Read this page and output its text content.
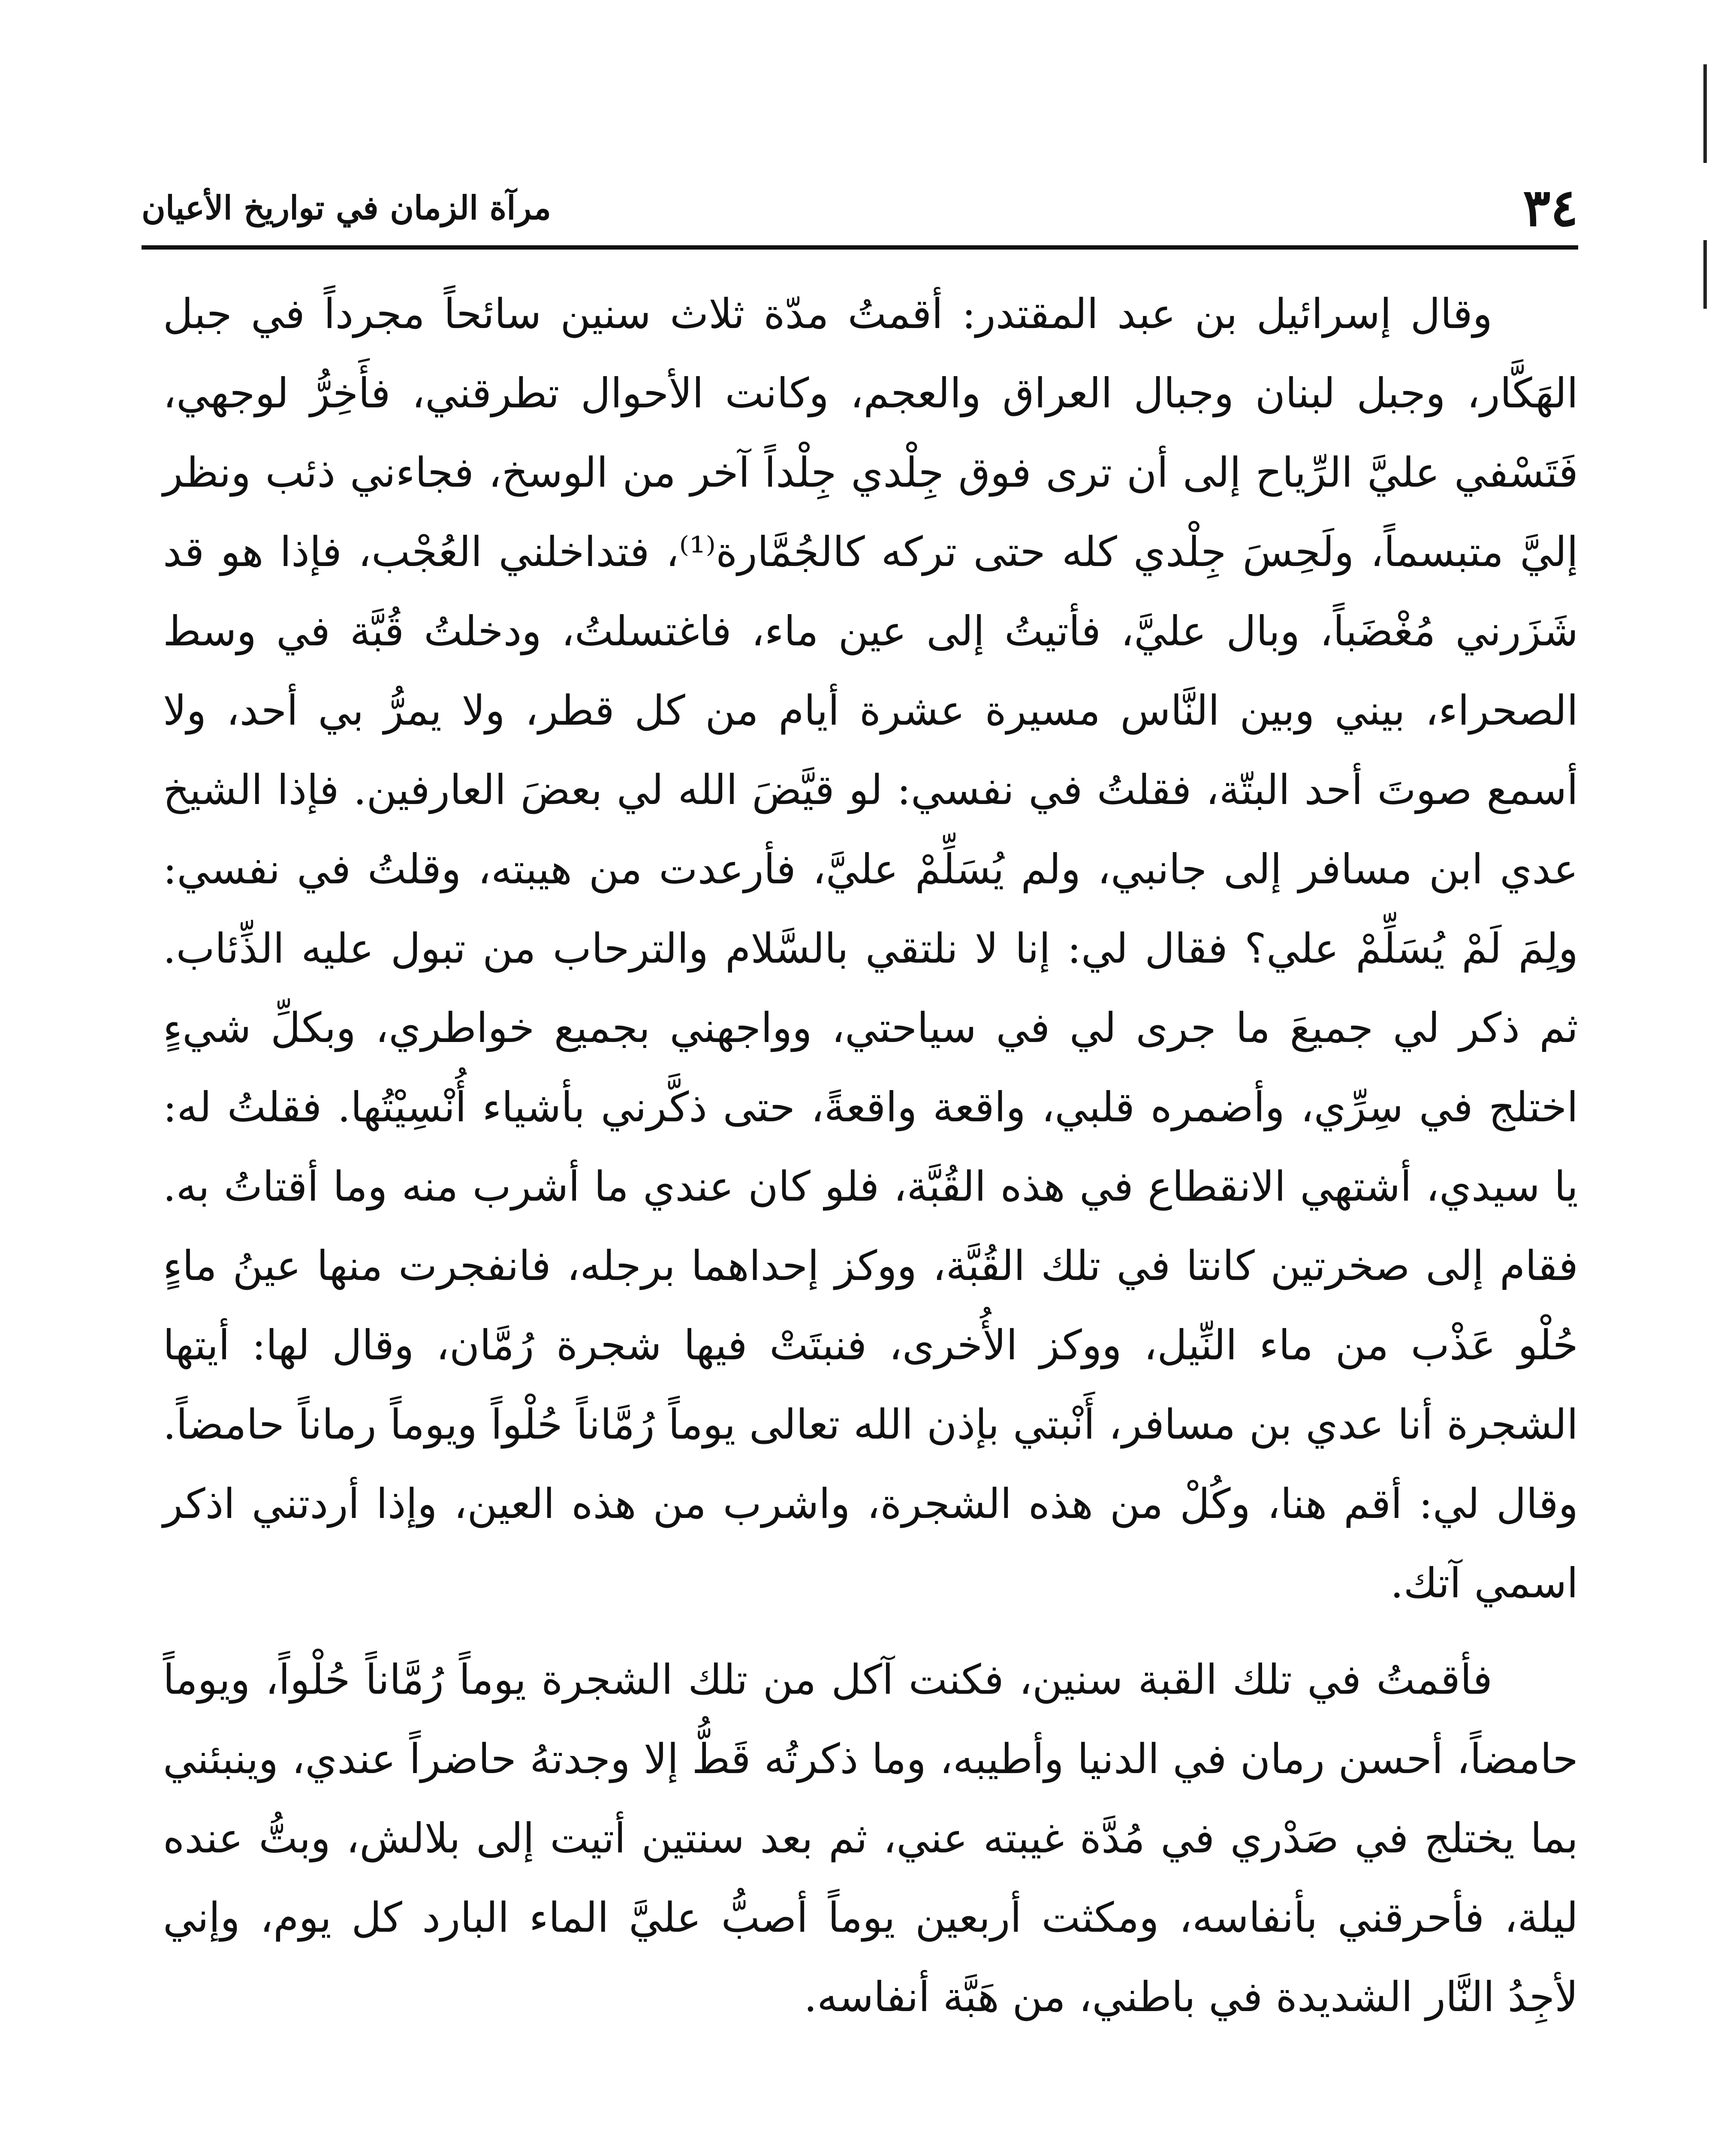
٣٤
مرآة الزمان في تواريخ الأعيان

وقال إسرائيل بن عبد المقتدر: أقمتُ مدّة ثلاث سنين سائحاً مجرداً في جبل الهَكَّار، وجبل لبنان وجبال العراق والعجم، وكانت الأحوال تطرقني، فأَخِرُّ لوجهي، فَتَسْفي عليَّ الرِّياح إلى أن ترى فوق جِلْدي جِلْداً آخر من الوسخ، فجاءني ذئب ونظر إليَّ متبسماً، ولَحِسَ جِلْدي كله حتى تركه كالجُمَّارة⁽¹⁾، فتداخلني العُجْب، فإذا هو قد شَزَرني مُغْضَباً، وبال عليَّ، فأتيتُ إلى عين ماء، فاغتسلتُ، ودخلتُ قُبَّة في وسط الصحراء، بيني وبين النَّاس مسيرة عشرة أيام من كل قطر، ولا يمرُّ بي أحد، ولا أسمع صوتَ أحد البتّة، فقلتُ في نفسي: لو قيَّضَ الله لي بعضَ العارفين. فإذا الشيخ عدي ابن مسافر إلى جانبي، ولم يُسَلِّمْ عليَّ، فأرعدت من هيبته، وقلتُ في نفسي: ولِمَ لَمْ يُسَلِّمْ علي؟ فقال لي: إنا لا نلتقي بالسَّلام والترحاب من تبول عليه الذِّئاب. ثم ذكر لي جميعَ ما جرى لي في سياحتي، وواجهني بجميع خواطري، وبكلِّ شيءٍ اختلج في سِرِّي، وأضمره قلبي، واقعة واقعةً، حتى ذكَّرني بأشياء أُنْسِيْتُها. فقلتُ له: يا سيدي، أشتهي الانقطاع في هذه القُبَّة، فلو كان عندي ما أشرب منه وما أقتاتُ به. فقام إلى صخرتين كانتا في تلك القُبَّة، ووكز إحداهما برجله، فانفجرت منها عينُ ماءٍ حُلْو عَذْب من ماء النِّيل، ووكز الأُخرى، فنبتَتْ فيها شجرة رُمَّان، وقال لها: أيتها الشجرة أنا عدي بن مسافر، أَنْبتي بإذن الله تعالى يوماً رُمَّاناً حُلْواً ويوماً رماناً حامضاً. وقال لي: أقم هنا، وكُلْ من هذه الشجرة، واشرب من هذه العين، وإذا أردتني اذكر اسمي آتك.

فأقمتُ في تلك القبة سنين، فكنت آكل من تلك الشجرة يوماً رُمَّاناً حُلْواً، ويوماً حامضاً، أحسن رمان في الدنيا وأطيبه، وما ذكرتُه قَطُّ إلا وجدتهُ حاضراً عندي، وينبئني بما يختلج في صَدْري في مُدَّة غيبته عني، ثم بعد سنتين أتيت إلى بلالش، وبتُّ عنده ليلة، فأحرقني بأنفاسه، ومكثت أربعين يوماً أصبُّ عليَّ الماء البارد كل يوم، وإني لأجِدُ النَّار الشديدة في باطني، من هَبَّة أنفاسه.
